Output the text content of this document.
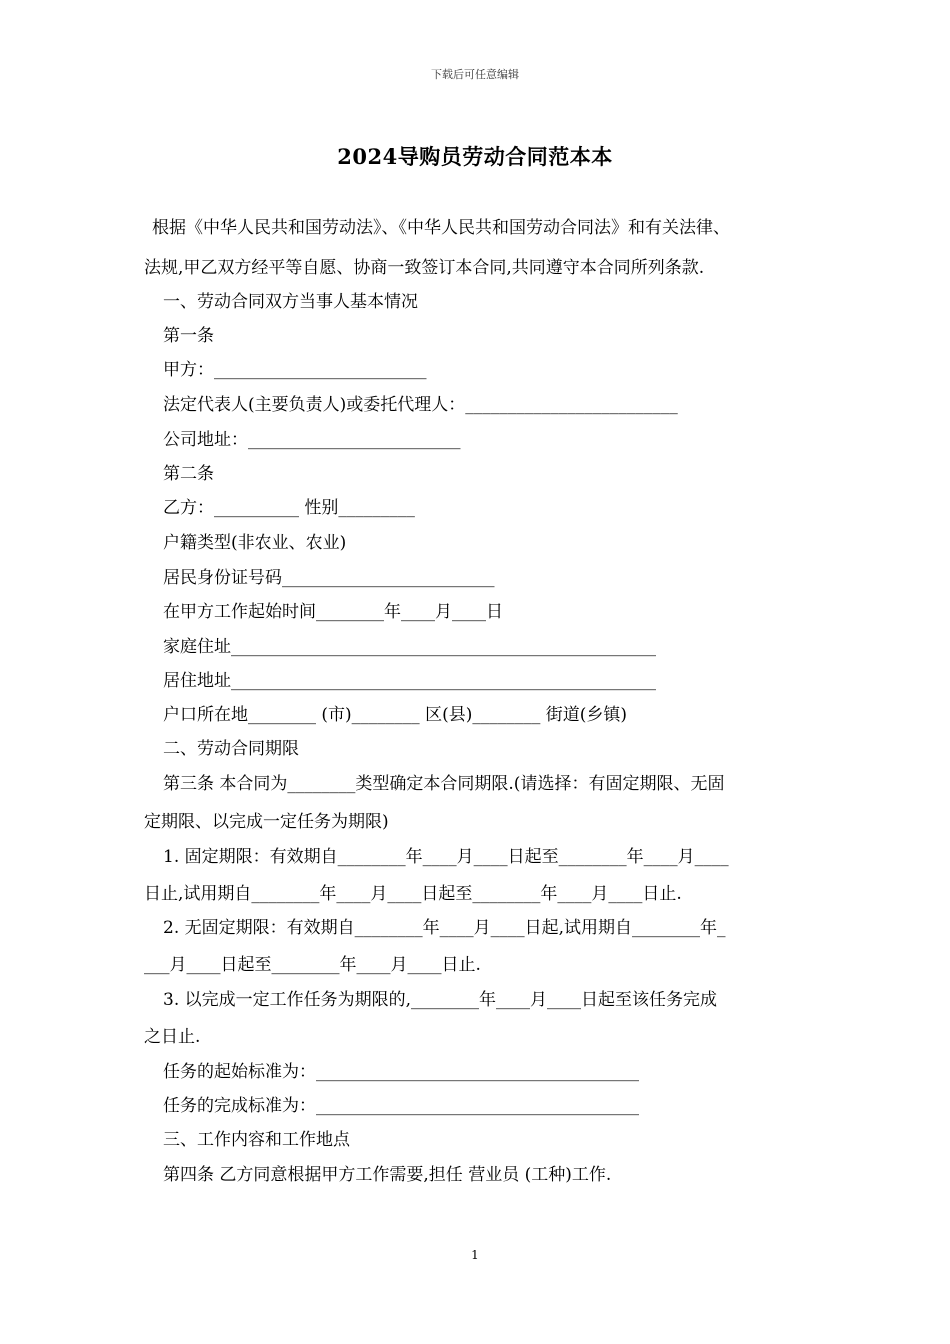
下载后可任意编辑
2024导购员劳动合同范本本
根据《中华人民共和国劳动法》、《中华人民共和国劳动合同法》和有关法律、
法规,甲乙双方经平等自愿、协商一致签订本合同,共同遵守本合同所列条款.
一、劳动合同双方当事人基本情况
第一条
甲方：_________________________
法定代表人(主要负责人)或委托代理人：_________________________
公司地址：_________________________
第二条
乙方：__________ 性别_________
户籍类型(非农业、农业)
居民身份证号码_________________________
在甲方工作起始时间________年____月____日
家庭住址__________________________________________________
居住地址__________________________________________________
户口所在地________ (市)________ 区(县)________ 街道(乡镇)
二、劳动合同期限
第三条 本合同为________类型确定本合同期限.(请选择：有固定期限、无固
定期限、以完成一定任务为期限)
1. 固定期限：有效期自________年____月____日起至________年____月____
日止,试用期自________年____月____日起至________年____月____日止.
2. 无固定期限：有效期自________年____月____日起,试用期自________年_
___月____日起至________年____月____日止.
3. 以完成一定工作任务为期限的,________年____月____日起至该任务完成
之日止.
任务的起始标准为：______________________________________
任务的完成标准为：______________________________________
三、工作内容和工作地点
第四条 乙方同意根据甲方工作需要,担任 营业员 (工种)工作.
1
